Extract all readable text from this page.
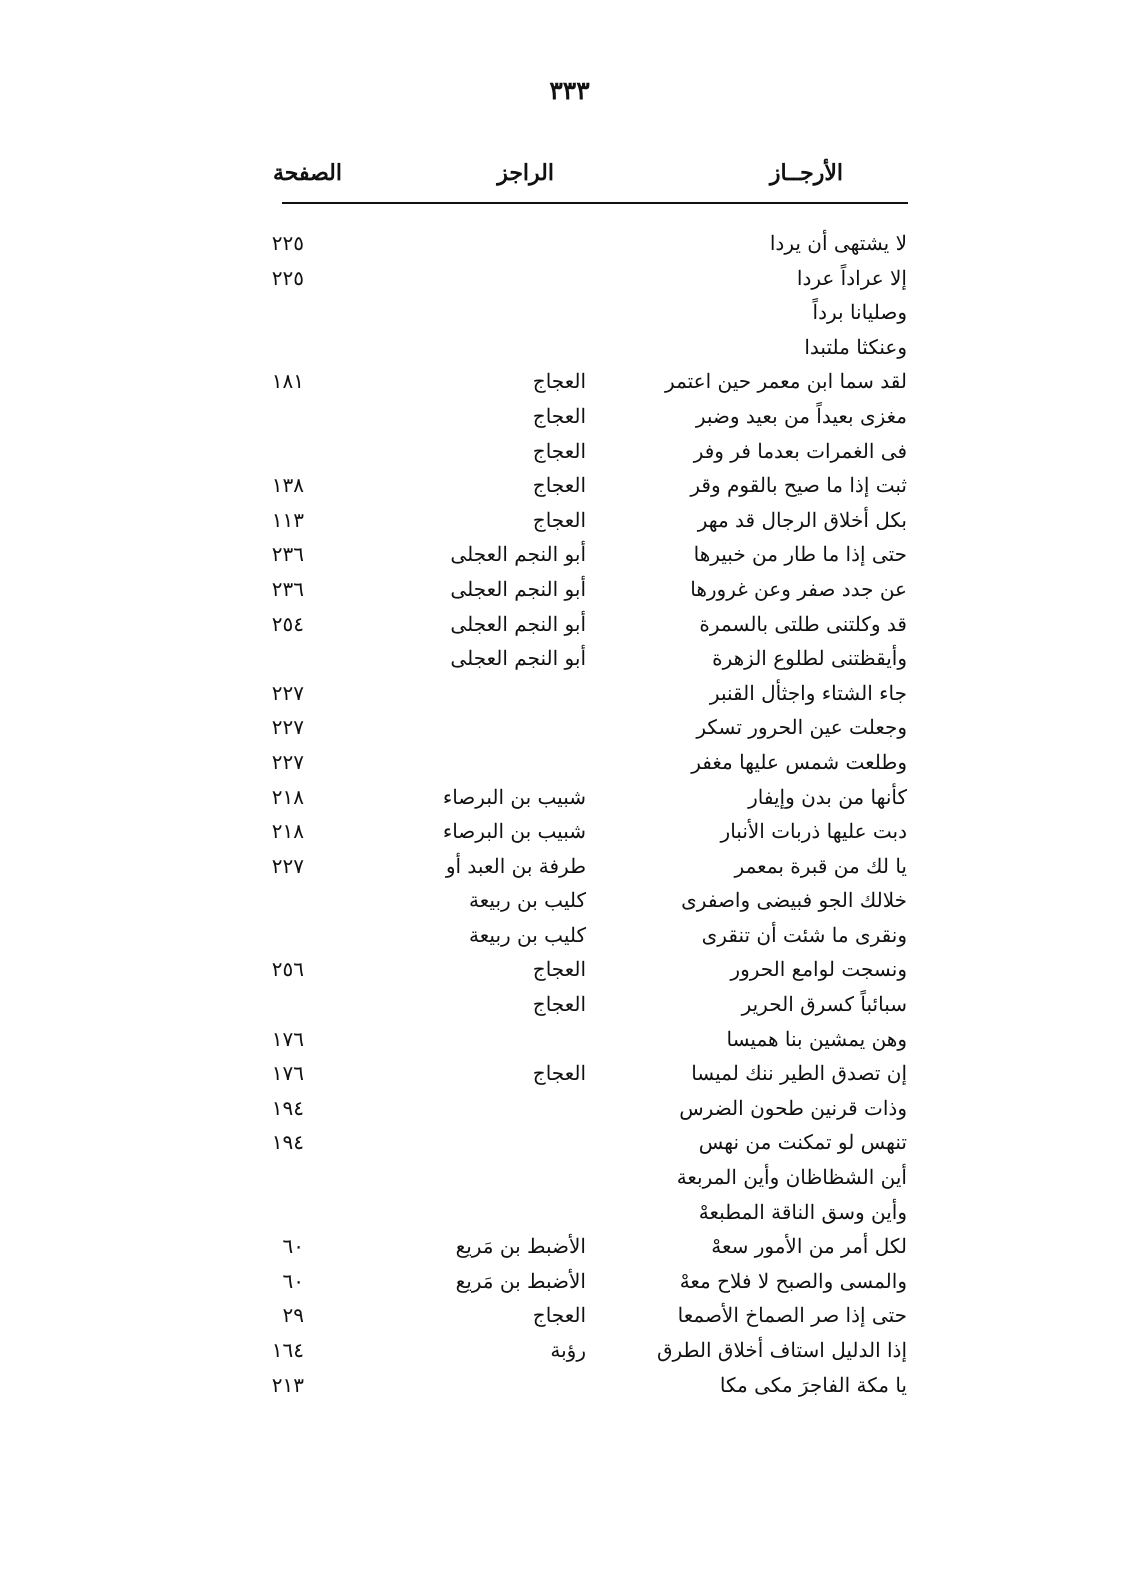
٣٣٣
الأرجــاز
الراجز
الصفحة
لا يشتهى أن يردا
٢٢٥
إلا عراداً عردا
٢٢٥
وصليانا برداً
وعنكثا ملتبدا
لقد سما ابن معمر حين اعتمر
العجاج
١٨١
مغزى بعيداً من بعيد وضبر
العجاج
فى الغمرات بعدما فر وفر
العجاج
ثبت إذا ما صيح بالقوم وقر
العجاج
١٣٨
بكل أخلاق الرجال قد مهر
العجاج
١١٣
حتى إذا ما طار من خبيرها
أبو النجم العجلى
٢٣٦
عن جدد صفر وعن غرورها
أبو النجم العجلى
٢٣٦
قد وكلتنى طلتى بالسمرة
أبو النجم العجلى
٢٥٤
وأيقظتنى لطلوع الزهرة
أبو النجم العجلى
جاء الشتاء واجثأل القنبر
٢٢٧
وجعلت عين الحرور تسكر
٢٢٧
وطلعت شمس عليها مغفر
٢٢٧
كأنها من بدن وإيفار
شبيب بن البرصاء
٢١٨
دبت عليها ذربات الأنبار
شبيب بن البرصاء
٢١٨
يا لك من قبرة بمعمر
طرفة بن العبد أو
٢٢٧
خلالك الجو فبيضى واصفرى
كليب بن ربيعة
ونقرى ما شئت أن تنقرى
كليب بن ربيعة
ونسجت لوامع الحرور
العجاج
٢٥٦
سبائباً كسرق الحرير
العجاج
وهن يمشين بنا هميسا
١٧٦
إن تصدق الطير ننك لميسا
العجاج
١٧٦
وذات قرنين طحون الضرس
١٩٤
تنهس لو تمكنت من نهس
١٩٤
أين الشظاظان وأين المربعة
وأين وسق الناقة المطبعهْ
لكل أمر من الأمور سعهْ
الأضبط بن مَريع
٦٠
والمسى والصبح لا فلاح معهْ
الأضبط بن مَريع
٦٠
حتى إذا صر الصماخ الأصمعا
العجاج
٢٩
إذا الدليل استاف أخلاق الطرق
رؤبة
١٦٤
يا مكة الفاجرَ مكى مكا
٢١٣
